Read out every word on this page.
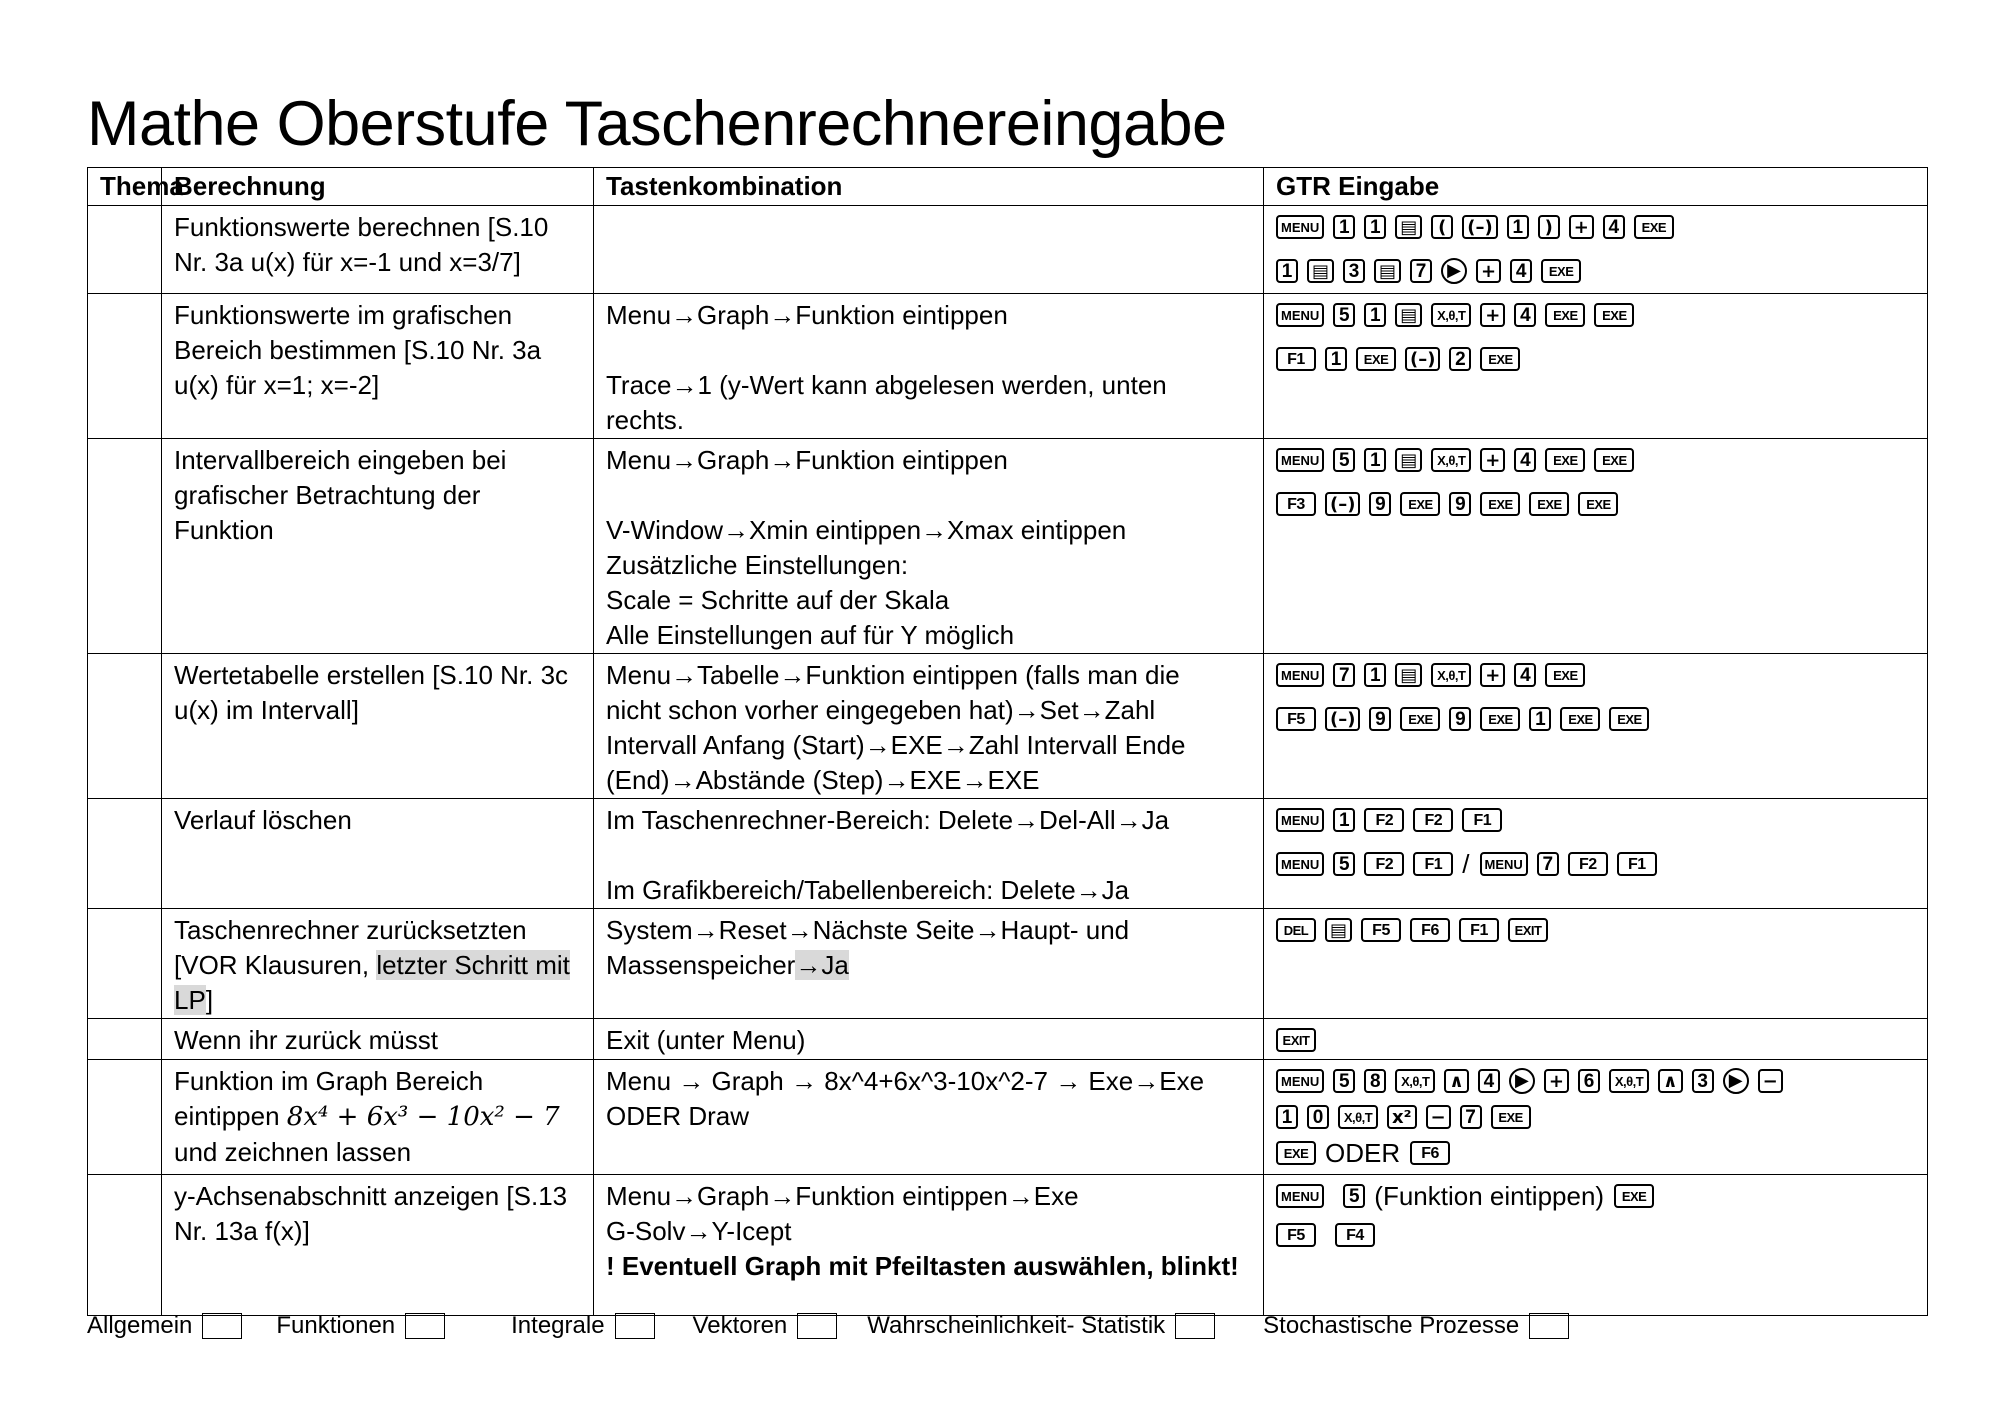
Mathe Oberstufe Taschenrechnereingabe
Thema	Berechnung	Tastenkombination	GTR Eingabe

	Funktionswerte berechnen [S.10
Nr. 3a u(x) für x=-1 und x=3/7]		MENU 1 1 ▤ ( (–) 1 ) + 4 EXE
1 ▤ 3 ▤ 7 ▶ + 4 EXE

	Funktionswerte im grafischen
Bereich bestimmen [S.10 Nr. 3a
u(x) für x=1; x=-2]	Menu→Graph→Funktion eintippen
Trace→1 (y-Wert kann abgelesen werden, unten
rechts.	MENU 5 1 ▤ X,θ,T + 4 EXE EXE
F1 1 EXE (–) 2 EXE

	Intervallbereich eingeben bei
grafischer Betrachtung der
Funktion	Menu→Graph→Funktion eintippen
V-Window→Xmin eintippen→Xmax eintippen
Zusätzliche Einstellungen:
Scale = Schritte auf der Skala
Alle Einstellungen auf für Y möglich	MENU 5 1 ▤ X,θ,T + 4 EXE EXE
F3 (–) 9 EXE 9 EXE EXE EXE

	Wertetabelle erstellen [S.10 Nr. 3c
u(x) im Intervall]	Menu→Tabelle→Funktion eintippen (falls man die
nicht schon vorher eingegeben hat)→Set→Zahl
Intervall Anfang (Start)→EXE→Zahl Intervall Ende
(End)→Abstände (Step)→EXE→EXE	MENU 7 1 ▤ X,θ,T + 4 EXE
F5 (–) 9 EXE 9 EXE 1 EXE EXE

	Verlauf löschen	Im Taschenrechner-Bereich: Delete→Del-All→Ja
Im Grafikbereich/Tabellenbereich: Delete→Ja	MENU 1 F2 F2 F1
MENU 5 F2 F1 / MENU 7 F2 F1

	Taschenrechner zurücksetzten
[VOR Klausuren, letzter Schritt mit
LP]	System→Reset→Nächste Seite→Haupt- und
Massenspeicher→Ja	DEL ▤ F5 F6 F1 EXIT

	Wenn ihr zurück müsst	Exit (unter Menu)	EXIT

	Funktion im Graph Bereich
eintippen 8x⁴ + 6x³ − 10x² − 7
und zeichnen lassen	Menu → Graph → 8x^4+6x^3-10x^2-7 → Exe→Exe
ODER Draw	MENU 5 8 X,θ,T ∧ 4 ▶ + 6 X,θ,T ∧ 3 ▶ −
1 0 X,θ,T x² − 7 EXE
EXE ODER F6

	y-Achsenabschnitt anzeigen [S.13
Nr. 13a f(x)]	Menu→Graph→Funktion eintippen→Exe
G-Solv→Y-Icept
! Eventuell Graph mit Pfeiltasten auswählen, blinkt!	MENU 5 (Funktion eintippen) EXE
F5 F4
Allgemein	Funktionen	Integrale	Vektoren	Wahrscheinlichkeit- Statistik	Stochastische Prozesse
